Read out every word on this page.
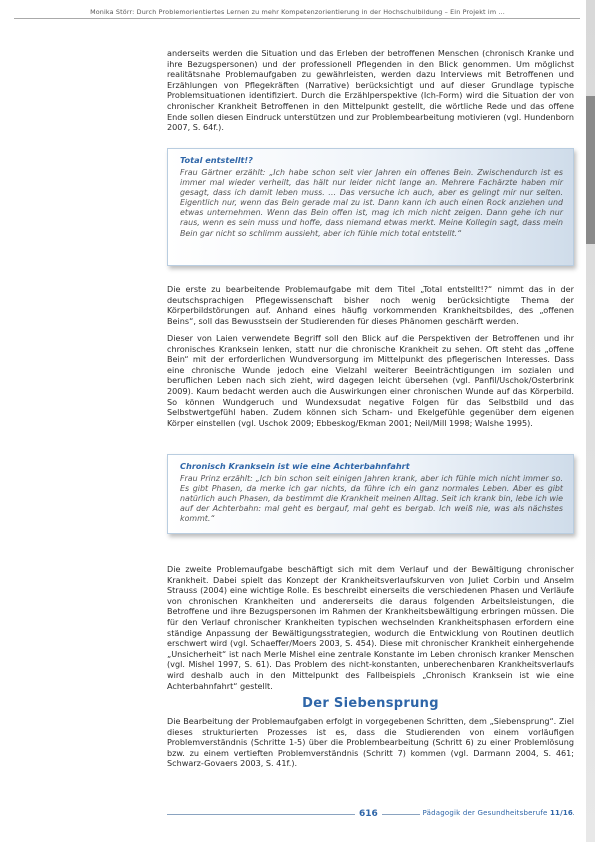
Monika Störr: Durch Problemorientiertes Lernen zu mehr Kompetenzorientierung in der Hochschulbildung – Ein Projekt im ...

anderseits werden die Situation und das Erleben der betroffenen Menschen (chronisch Kranke und ihre Bezugspersonen) und der professionell Pflegenden in den Blick genommen. Um möglichst realitätsnahe Problemaufgaben zu gewährleisten, werden dazu Interviews mit Betroffenen und Erzählungen von Pflegekräften (Narrative) berücksichtigt und auf dieser Grundlage typische Problemsituationen identifiziert. Durch die Erzählperspektive (Ich-Form) wird die Situation der von chronischer Krankheit Betroffenen in den Mittelpunkt gestellt, die wörtliche Rede und das offene Ende sollen diesen Eindruck unterstützen und zur Problembearbeitung motivieren (vgl. Hundenborn 2007, S. 64f.).

Total entstellt!?

Frau Gärtner erzählt: „Ich habe schon seit vier Jahren ein offenes Bein. Zwischendurch ist es immer mal wieder verheilt, das hält nur leider nicht lange an. Mehrere Fachärzte haben mir gesagt, dass ich damit leben muss. … Das versuche ich auch, aber es gelingt mir nur selten. Eigentlich nur, wenn das Bein gerade mal zu ist. Dann kann ich auch einen Rock anziehen und etwas unternehmen. Wenn das Bein offen ist, mag ich mich nicht zeigen. Dann gehe ich nur raus, wenn es sein muss und hoffe, dass niemand etwas merkt. Meine Kollegin sagt, dass mein Bein gar nicht so schlimm aussieht, aber ich fühle mich total entstellt.“

Die erste zu bearbeitende Problemaufgabe mit dem Titel „Total entstellt!?“ nimmt das in der deutschsprachigen Pflegewissenschaft bisher noch wenig berücksichtigte Thema der Körperbildstörungen auf. Anhand eines häufig vorkommenden Krankheitsbildes, des „offenen Beins“, soll das Bewusstsein der Studierenden für dieses Phänomen geschärft werden.

Dieser von Laien verwendete Begriff soll den Blick auf die Perspektiven der Betroffenen und ihr chronisches Kranksein lenken, statt nur die chronische Krankheit zu sehen. Oft steht das „offene Bein“ mit der erforderlichen Wundversorgung im Mittelpunkt des pflegerischen Interesses. Dass eine chronische Wunde jedoch eine Vielzahl weiterer Beeinträchtigungen im sozialen und beruflichen Leben nach sich zieht, wird dagegen leicht übersehen (vgl. Panfil/Uschok/Osterbrink 2009). Kaum bedacht werden auch die Auswirkungen einer chronischen Wunde auf das Körperbild. So können Wundgeruch und Wundexsudat negative Folgen für das Selbstbild und das Selbstwertgefühl haben. Zudem können sich Scham- und Ekelgefühle gegenüber dem eigenen Körper einstellen (vgl. Uschok 2009; Ebbeskog/Ekman 2001; Neil/Mill 1998; Walshe 1995).

Chronisch Kranksein ist wie eine Achterbahnfahrt

Frau Prinz erzählt: „Ich bin schon seit einigen Jahren krank, aber ich fühle mich nicht immer so. Es gibt Phasen, da merke ich gar nichts, da führe ich ein ganz normales Leben. Aber es gibt natürlich auch Phasen, da bestimmt die Krankheit meinen Alltag. Seit ich krank bin, lebe ich wie auf der Achterbahn: mal geht es bergauf, mal geht es bergab. Ich weiß nie, was als nächstes kommt.“

Die zweite Problemaufgabe beschäftigt sich mit dem Verlauf und der Bewältigung chronischer Krankheit. Dabei spielt das Konzept der Krankheitsverlaufskurven von Juliet Corbin und Anselm Strauss (2004) eine wichtige Rolle. Es beschreibt einerseits die verschiedenen Phasen und Verläufe von chronischen Krankheiten und andererseits die daraus folgenden Arbeitsleistungen, die Betroffene und ihre Bezugspersonen im Rahmen der Krankheitsbewältigung erbringen müssen. Die für den Verlauf chronischer Krankheiten typischen wechselnden Krankheitsphasen erfordern eine ständige Anpassung der Bewältigungsstrategien, wodurch die Entwicklung von Routinen deutlich erschwert wird (vgl. Schaeffer/Moers 2003, S. 454). Diese mit chronischer Krankheit einhergehende „Unsicherheit“ ist nach Merle Mishel eine zentrale Konstante im Leben chronisch kranker Menschen (vgl. Mishel 1997, S. 61). Das Problem des nicht-konstanten, unberechenbaren Krankheitsverlaufs wird deshalb auch in den Mittelpunkt des Fallbeispiels „Chronisch Kranksein ist wie eine Achterbahnfahrt“ gestellt.

Der Siebensprung

Die Bearbeitung der Problemaufgaben erfolgt in vorgegebenen Schritten, dem „Siebensprung“. Ziel dieses strukturierten Prozesses ist es, dass die Studierenden von einem vorläufigen Problemverständnis (Schritte 1-5) über die Problembearbeitung (Schritt 6) zu einer Problemlösung bzw. zu einem vertieften Problemverständnis (Schritt 7) kommen (vgl. Darmann 2004, S. 461; Schwarz-Govaers 2003, S. 41f.).

616	Pädagogik der Gesundheitsberufe 11/16
